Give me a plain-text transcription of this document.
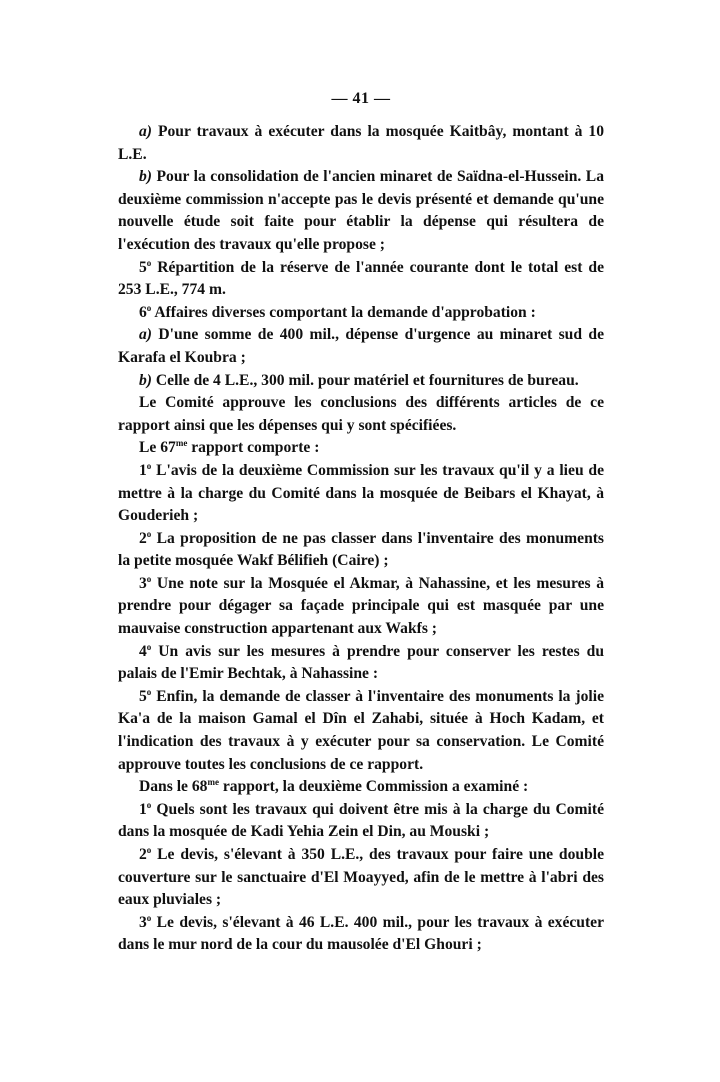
— 41 —

a) Pour travaux à exécuter dans la mosquée Kaitbây, montant à 10 L.E.

b) Pour la consolidation de l'ancien minaret de Saïdna-el-Hussein. La deuxième commission n'accepte pas le devis présenté et demande qu'une nouvelle étude soit faite pour établir la dépense qui résultera de l'exécution des travaux qu'elle propose ;

5$^o$ Répartition de la réserve de l'année courante dont le total est de 253 L.E., 774 m.

6$^o$ Affaires diverses comportant la demande d'approbation :

a) D'une somme de 400 mil., dépense d'urgence au minaret sud de Karafa el Koubra ;

b) Celle de 4 L.E., 300 mil. pour matériel et fournitures de bureau.

Le Comité approuve les conclusions des différents articles de ce rapport ainsi que les dépenses qui y sont spécifiées.

Le $67^{me}$ rapport comporte :

1$^o$ L'avis de la deuxième Commission sur les travaux qu'il y a lieu de mettre à la charge du Comité dans la mosquée de Beibars el Khayat, à Gouderieh ;

2$^o$ La proposition de ne pas classer dans l'inventaire des monuments la petite mosquée Wakf Bélifieh (Caire) ;

3$^o$ Une note sur la Mosquée el Akmar, à Nahassine, et les mesures à prendre pour dégager sa façade principale qui est masquée par une mauvaise construction appartenant aux Wakfs ;

4$^o$ Un avis sur les mesures à prendre pour conserver les restes du palais de l'Emir Bechtak, à Nahassine :

5$^o$ Enfin, la demande de classer à l'inventaire des monuments la jolie Ka'a de la maison Gamal el Dîn el Zahabi, située à Hoch Kadam, et l'indication des travaux à y exécuter pour sa conservation. Le Comité approuve toutes les conclusions de ce rapport.

Dans le $68^{me}$ rapport, la deuxième Commission a examiné :

1$^o$ Quels sont les travaux qui doivent être mis à la charge du Comité dans la mosquée de Kadi Yehia Zein el Din, au Mouski ;

2$^o$ Le devis, s'élevant à 350 L.E., des travaux pour faire une double couverture sur le sanctuaire d'El Moayyed, afin de le mettre à l'abri des eaux pluviales ;

3$^o$ Le devis, s'élevant à 46 L.E. 400 mil., pour les travaux à exécuter dans le mur nord de la cour du mausolée d'El Ghouri ;
